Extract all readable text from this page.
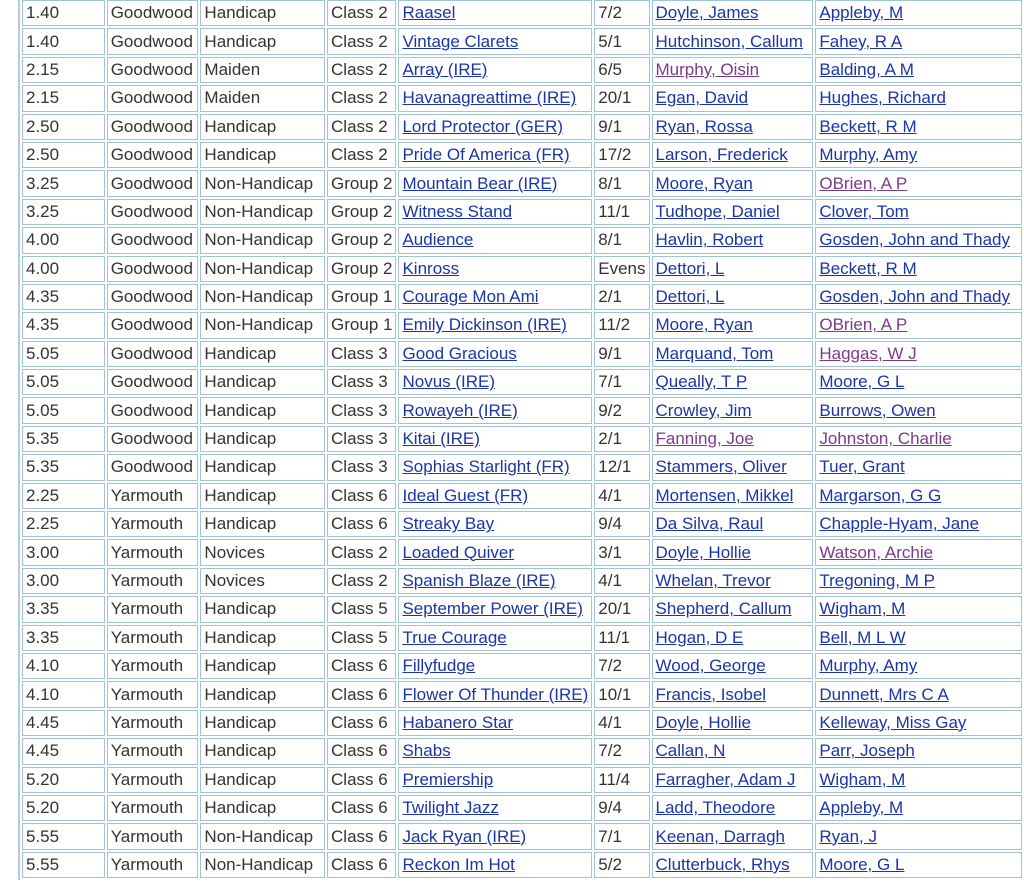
1.40	Goodwood	Handicap	Class 2	Raasel	7/2	Doyle, James	Appleby, M
1.40	Goodwood	Handicap	Class 2	Vintage Clarets	5/1	Hutchinson, Callum	Fahey, R A
2.15	Goodwood	Maiden	Class 2	Array (IRE)	6/5	Murphy, Oisin	Balding, A M
2.15	Goodwood	Maiden	Class 2	Havanagreattime (IRE)	20/1	Egan, David	Hughes, Richard
2.50	Goodwood	Handicap	Class 2	Lord Protector (GER)	9/1	Ryan, Rossa	Beckett, R M
2.50	Goodwood	Handicap	Class 2	Pride Of America (FR)	17/2	Larson, Frederick	Murphy, Amy
3.25	Goodwood	Non-Handicap	Group 2	Mountain Bear (IRE)	8/1	Moore, Ryan	OBrien, A P
3.25	Goodwood	Non-Handicap	Group 2	Witness Stand	11/1	Tudhope, Daniel	Clover, Tom
4.00	Goodwood	Non-Handicap	Group 2	Audience	8/1	Havlin, Robert	Gosden, John and Thady
4.00	Goodwood	Non-Handicap	Group 2	Kinross	Evens	Dettori, L	Beckett, R M
4.35	Goodwood	Non-Handicap	Group 1	Courage Mon Ami	2/1	Dettori, L	Gosden, John and Thady
4.35	Goodwood	Non-Handicap	Group 1	Emily Dickinson (IRE)	11/2	Moore, Ryan	OBrien, A P
5.05	Goodwood	Handicap	Class 3	Good Gracious	9/1	Marquand, Tom	Haggas, W J
5.05	Goodwood	Handicap	Class 3	Novus (IRE)	7/1	Queally, T P	Moore, G L
5.05	Goodwood	Handicap	Class 3	Rowayeh (IRE)	9/2	Crowley, Jim	Burrows, Owen
5.35	Goodwood	Handicap	Class 3	Kitai (IRE)	2/1	Fanning, Joe	Johnston, Charlie
5.35	Goodwood	Handicap	Class 3	Sophias Starlight (FR)	12/1	Stammers, Oliver	Tuer, Grant
2.25	Yarmouth	Handicap	Class 6	Ideal Guest (FR)	4/1	Mortensen, Mikkel	Margarson, G G
2.25	Yarmouth	Handicap	Class 6	Streaky Bay	9/4	Da Silva, Raul	Chapple-Hyam, Jane
3.00	Yarmouth	Novices	Class 2	Loaded Quiver	3/1	Doyle, Hollie	Watson, Archie
3.00	Yarmouth	Novices	Class 2	Spanish Blaze (IRE)	4/1	Whelan, Trevor	Tregoning, M P
3.35	Yarmouth	Handicap	Class 5	September Power (IRE)	20/1	Shepherd, Callum	Wigham, M
3.35	Yarmouth	Handicap	Class 5	True Courage	11/1	Hogan, D E	Bell, M L W
4.10	Yarmouth	Handicap	Class 6	Fillyfudge	7/2	Wood, George	Murphy, Amy
4.10	Yarmouth	Handicap	Class 6	Flower Of Thunder (IRE)	10/1	Francis, Isobel	Dunnett, Mrs C A
4.45	Yarmouth	Handicap	Class 6	Habanero Star	4/1	Doyle, Hollie	Kelleway, Miss Gay
4.45	Yarmouth	Handicap	Class 6	Shabs	7/2	Callan, N	Parr, Joseph
5.20	Yarmouth	Handicap	Class 6	Premiership	11/4	Farragher, Adam J	Wigham, M
5.20	Yarmouth	Handicap	Class 6	Twilight Jazz	9/4	Ladd, Theodore	Appleby, M
5.55	Yarmouth	Non-Handicap	Class 6	Jack Ryan (IRE)	7/1	Keenan, Darragh	Ryan, J
5.55	Yarmouth	Non-Handicap	Class 6	Reckon Im Hot	5/2	Clutterbuck, Rhys	Moore, G L
